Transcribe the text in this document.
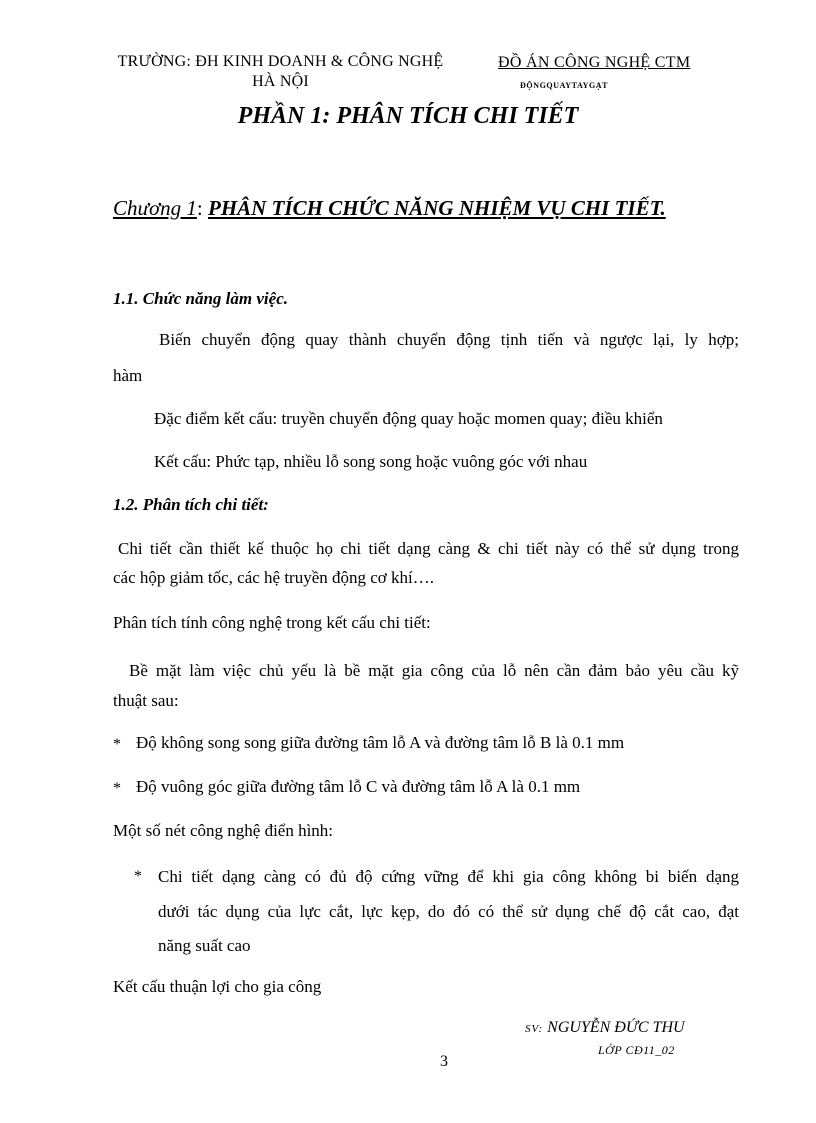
TRƯỜNG: ĐH KINH DOANH & CÔNG NGHỆ
HÀ NỘI
ĐỒ ÁN CÔNG NGHỆ CTM
ĐỘNGQUAYTAYGẠT
PHẦN 1: PHÂN TÍCH CHI TIẾT
Chương 1: PHÂN TÍCH CHỨC NĂNG NHIỆM VỤ CHI TIẾT.
1.1. Chức năng làm việc.
Biến chuyển động quay thành chuyển động tịnh tiến và ngược lại, ly hợp;
hàm
Đặc điểm kết cấu: truyền chuyển động quay hoặc momen quay; điều khiển
Kết cấu: Phức tạp, nhiều lỗ song song hoặc vuông góc với nhau
1.2. Phân tích chi tiết:
Chi tiết cần thiết kế thuộc họ chi tiết dạng càng & chi tiết này có thể sử dụng trong
các hộp giảm tốc, các hệ truyền động cơ khí….
Phân tích tính công nghệ trong kết cấu chi tiết:
Bề mặt làm việc chủ yếu là bề mặt gia công của lỗ nên cần đảm bảo yêu cầu kỹ
thuật sau:
* Độ không song song giữa đường tâm lỗ A và đường tâm lỗ B là 0.1 mm
* Độ vuông góc giữa đường tâm lỗ C và đường tâm lỗ A là 0.1 mm
Một số nét công nghệ điển hình:
* Chi tiết dạng càng có đủ độ cứng vững để khi gia công không bi biến dạng
dưới tác dụng của lực cắt, lực kẹp, do đó có thể sử dụng chế độ cắt cao, đạt
năng suất cao
Kết cấu thuận lợi cho gia công
SV: NGUYỄN ĐỨC THU
LỚP CĐ11_02
3
